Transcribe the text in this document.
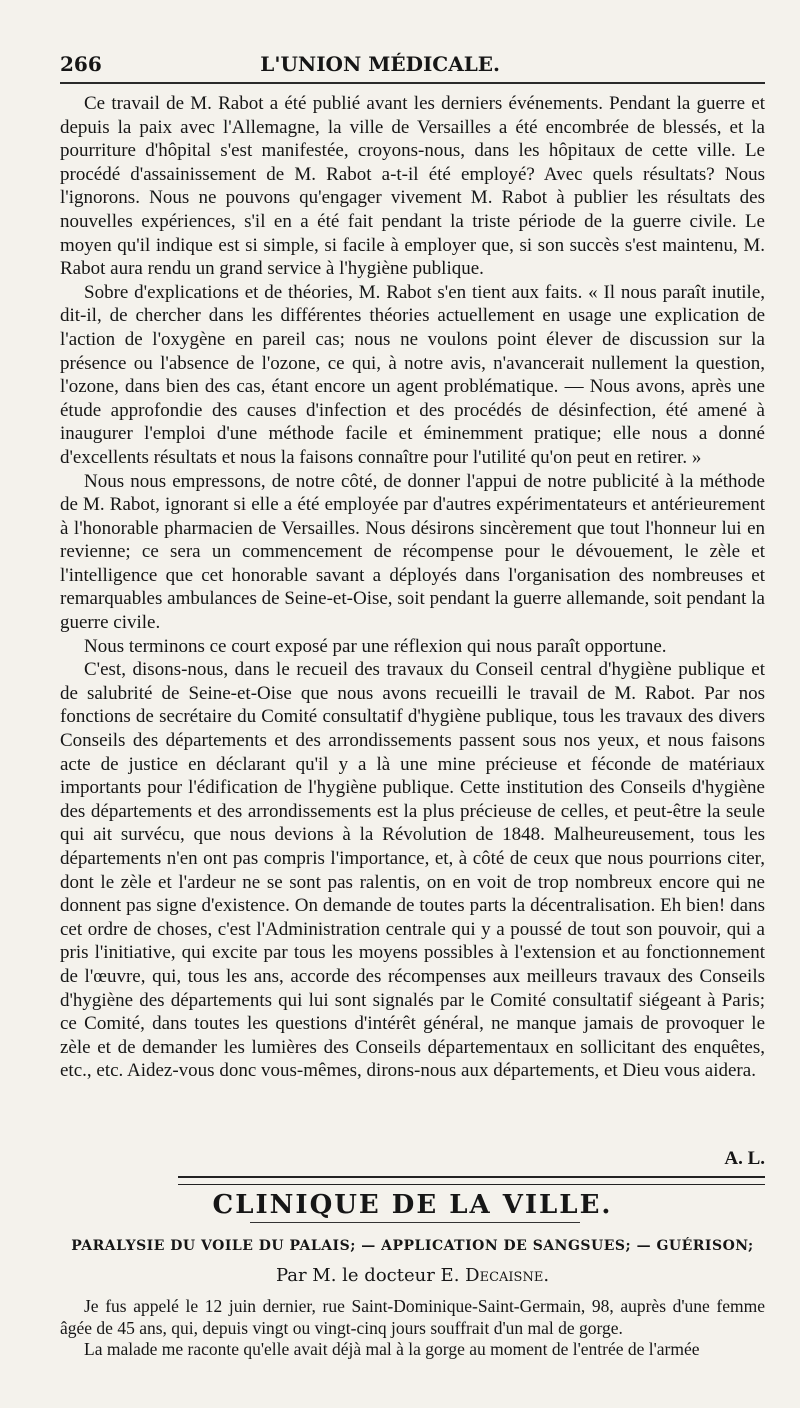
266	L'UNION MÉDICALE.

Ce travail de M. Rabot a été publié avant les derniers événements. Pendant la guerre et depuis la paix avec l'Allemagne, la ville de Versailles a été encombrée de blessés, et la pourriture d'hôpital s'est manifestée, croyons-nous, dans les hôpitaux de cette ville. Le procédé d'assainissement de M. Rabot a-t-il été employé? Avec quels résultats? Nous l'ignorons. Nous ne pouvons qu'engager vivement M. Rabot à publier les résultats des nouvelles expériences, s'il en a été fait pendant la triste période de la guerre civile. Le moyen qu'il indique est si simple, si facile à employer que, si son succès s'est maintenu, M. Rabot aura rendu un grand service à l'hygiène publique.

Sobre d'explications et de théories, M. Rabot s'en tient aux faits. « Il nous paraît inutile, dit-il, de chercher dans les différentes théories actuellement en usage une explication de l'action de l'oxygène en pareil cas; nous ne voulons point élever de discussion sur la présence ou l'absence de l'ozone, ce qui, à notre avis, n'avancerait nullement la question, l'ozone, dans bien des cas, étant encore un agent problématique. — Nous avons, après une étude approfondie des causes d'infection et des procédés de désinfection, été amené à inaugurer l'emploi d'une méthode facile et éminemment pratique; elle nous a donné d'excellents résultats et nous la faisons connaître pour l'utilité qu'on peut en retirer. »

Nous nous empressons, de notre côté, de donner l'appui de notre publicité à la méthode de M. Rabot, ignorant si elle a été employée par d'autres expérimentateurs et antérieurement à l'honorable pharmacien de Versailles. Nous désirons sincèrement que tout l'honneur lui en revienne; ce sera un commencement de récompense pour le dévouement, le zèle et l'intelligence que cet honorable savant a déployés dans l'organisation des nombreuses et remarquables ambulances de Seine-et-Oise, soit pendant la guerre allemande, soit pendant la guerre civile.

Nous terminons ce court exposé par une réflexion qui nous paraît opportune.

C'est, disons-nous, dans le recueil des travaux du Conseil central d'hygiène publique et de salubrité de Seine-et-Oise que nous avons recueilli le travail de M. Rabot. Par nos fonctions de secrétaire du Comité consultatif d'hygiène publique, tous les travaux des divers Conseils des départements et des arrondissements passent sous nos yeux, et nous faisons acte de justice en déclarant qu'il y a là une mine précieuse et féconde de matériaux importants pour l'édification de l'hygiène publique. Cette institution des Conseils d'hygiène des départements et des arrondissements est la plus précieuse de celles, et peut-être la seule qui ait survécu, que nous devions à la Révolution de 1848. Malheureusement, tous les départements n'en ont pas compris l'importance, et, à côté de ceux que nous pourrions citer, dont le zèle et l'ardeur ne se sont pas ralentis, on en voit de trop nombreux encore qui ne donnent pas signe d'existence. On demande de toutes parts la décentralisation. Eh bien! dans cet ordre de choses, c'est l'Administration centrale qui y a poussé de tout son pouvoir, qui a pris l'initiative, qui excite par tous les moyens possibles à l'extension et au fonctionnement de l'œuvre, qui, tous les ans, accorde des récompenses aux meilleurs travaux des Conseils d'hygiène des départements qui lui sont signalés par le Comité consultatif siégeant à Paris; ce Comité, dans toutes les questions d'intérêt général, ne manque jamais de provoquer le zèle et de demander les lumières des Conseils départementaux en sollicitant des enquêtes, etc., etc. Aidez-vous donc vous-mêmes, dirons-nous aux départements, et Dieu vous aidera.

A. L.
CLINIQUE DE LA VILLE.
PARALYSIE DU VOILE DU PALAIS; — APPLICATION DE SANGSUES; — GUÉRISON;
Par M. le docteur E. Decaisne.

Je fus appelé le 12 juin dernier, rue Saint-Dominique-Saint-Germain, 98, auprès d'une femme âgée de 45 ans, qui, depuis vingt ou vingt-cinq jours souffrait d'un mal de gorge.

La malade me raconte qu'elle avait déjà mal à la gorge au moment de l'entrée de l'armée
